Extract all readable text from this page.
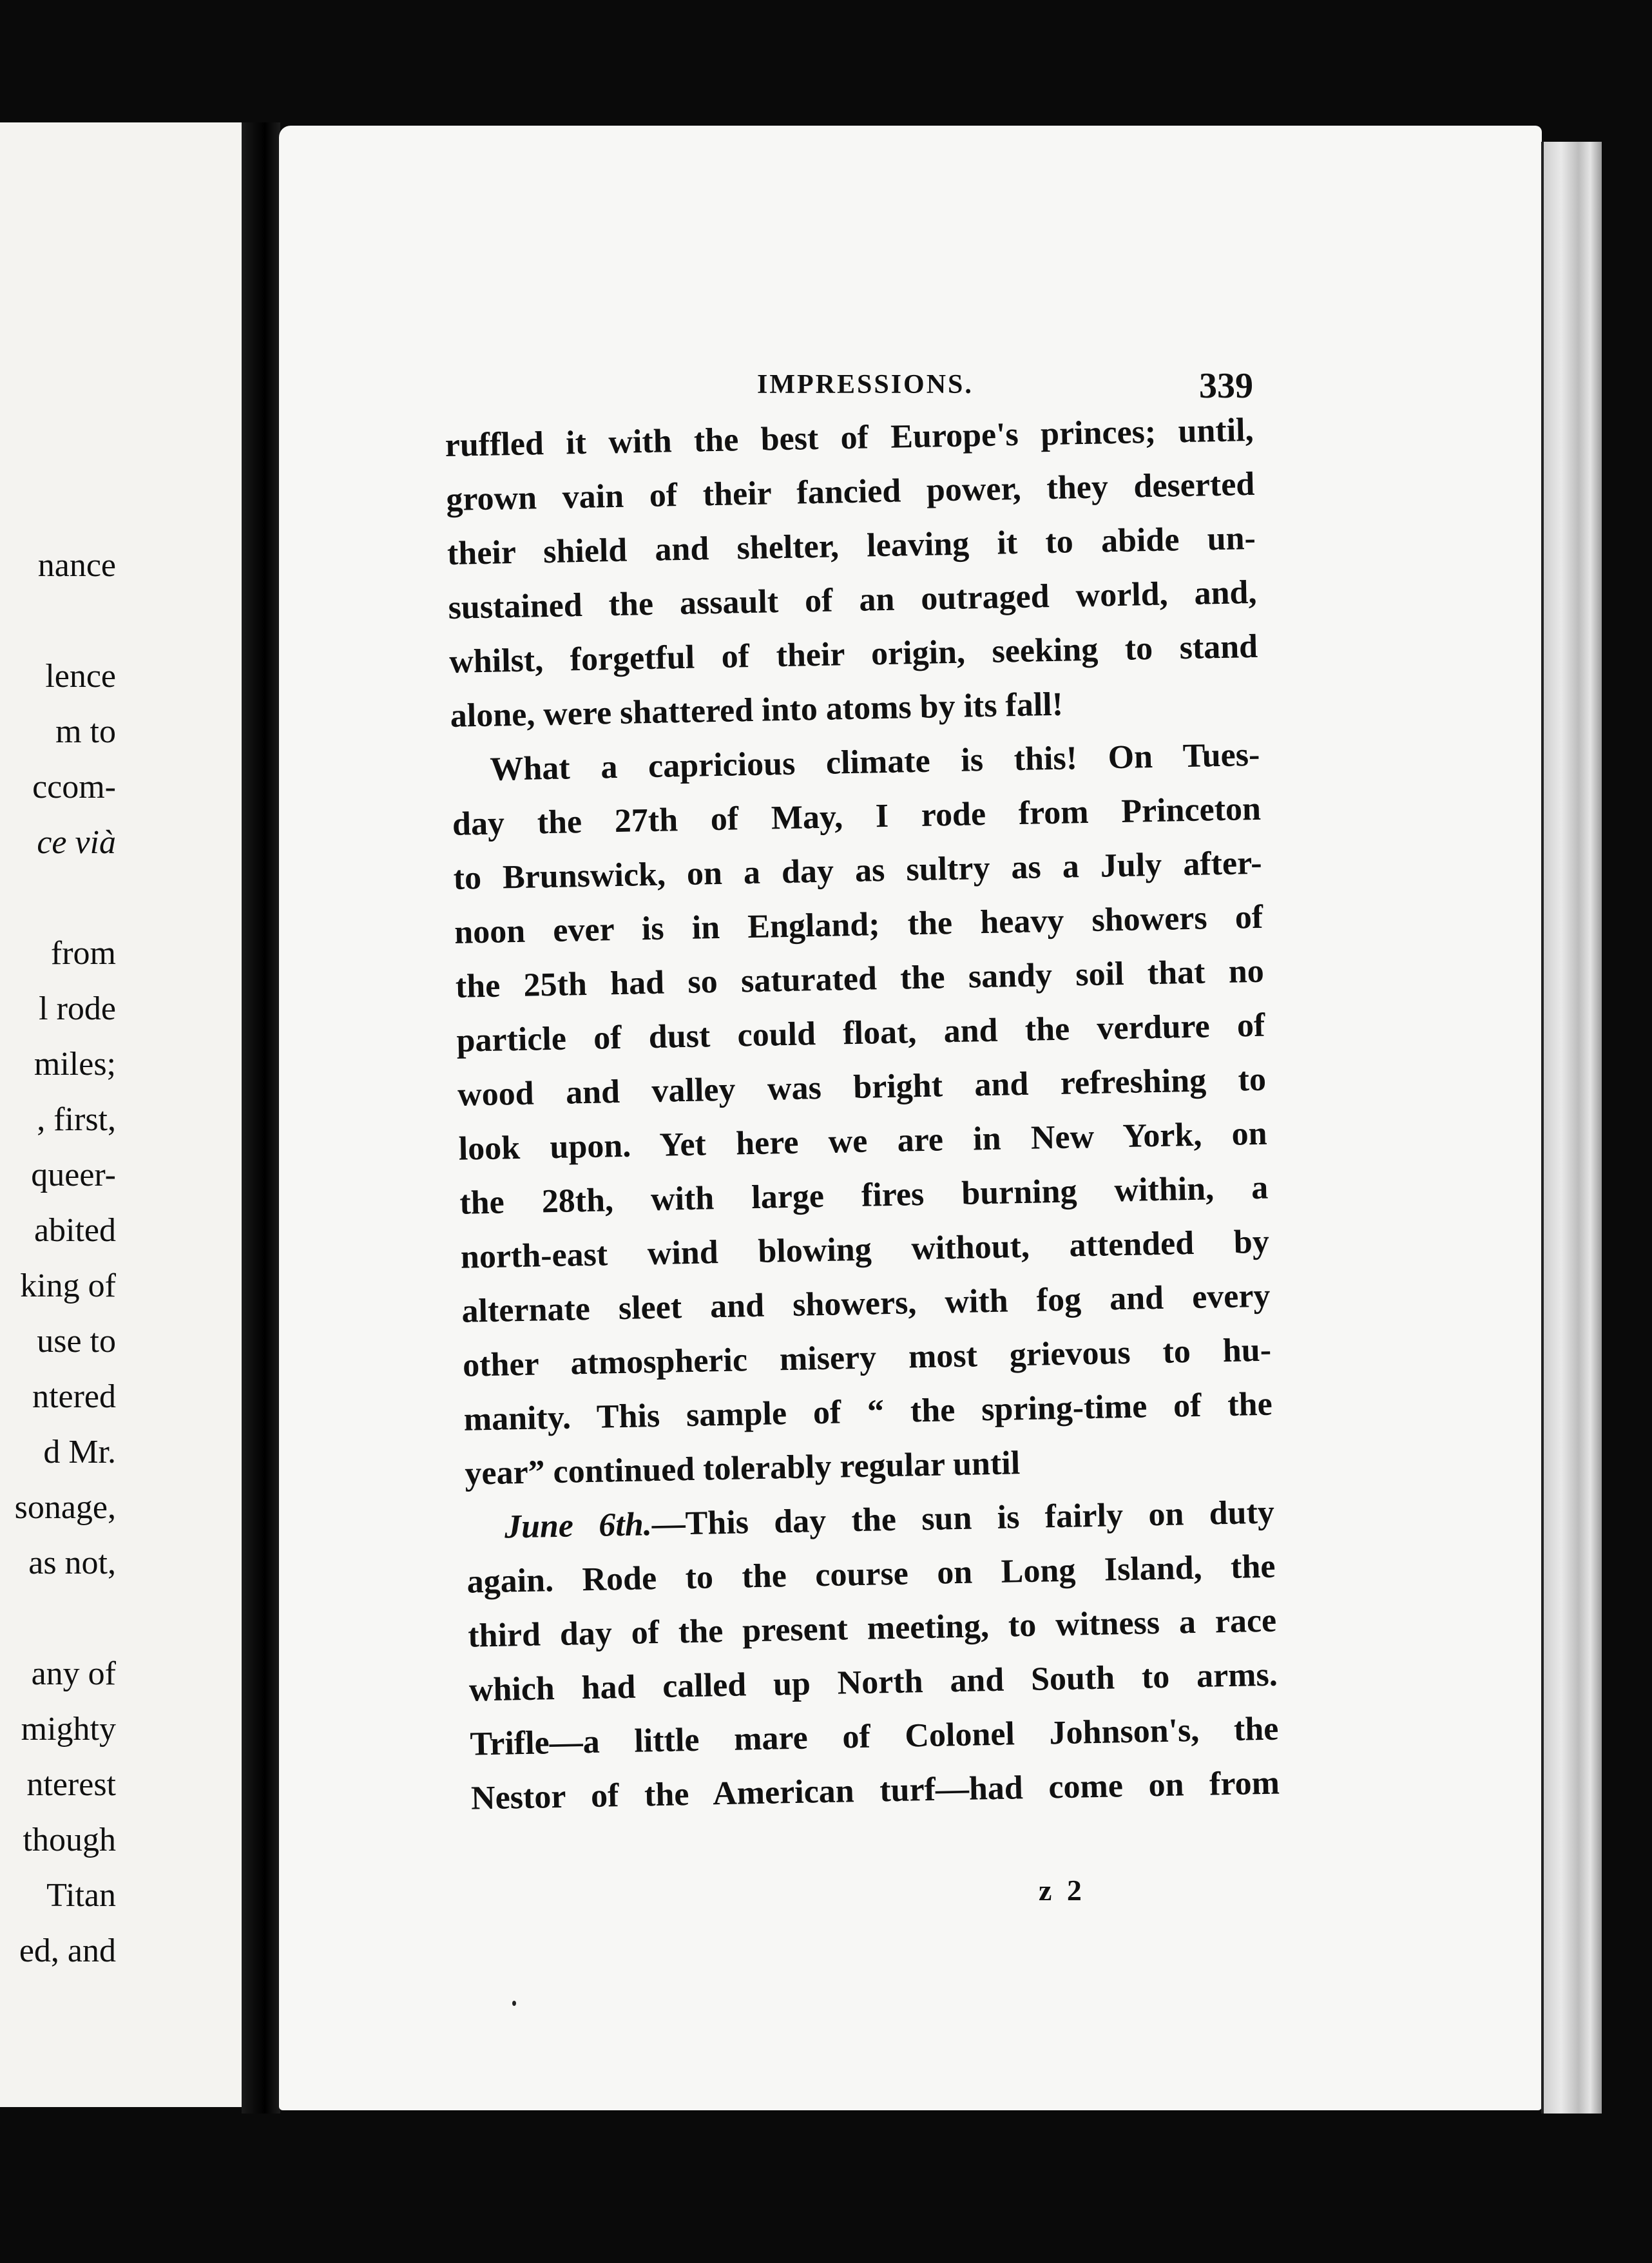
nance
lence
m to
ccom-
ce vià
from
l rode
miles;
, first,
queer-
abited
king of
use to
ntered
d Mr.
sonage,
as not,
any of
mighty
nterest
though
Titan
ed, and
IMPRESSIONS.	339
ruffled it with the best of Europe's princes; until,
grown vain of their fancied power, they deserted
their shield and shelter, leaving it to abide un-
sustained the assault of an outraged world, and,
whilst, forgetful of their origin, seeking to stand
alone, were shattered into atoms by its fall!
What a capricious climate is this! On Tues-
day the 27th of May, I rode from Princeton
to Brunswick, on a day as sultry as a July after-
noon ever is in England; the heavy showers of
the 25th had so saturated the sandy soil that no
particle of dust could float, and the verdure of
wood and valley was bright and refreshing to
look upon. Yet here we are in New York, on
the 28th, with large fires burning within, a
north-east wind blowing without, attended by
alternate sleet and showers, with fog and every
other atmospheric misery most grievous to hu-
manity. This sample of “ the spring-time of the
year” continued tolerably regular until
June 6th.—This day the sun is fairly on duty
again. Rode to the course on Long Island, the
third day of the present meeting, to witness a race
which had called up North and South to arms.
Trifle—a little mare of Colonel Johnson's, the
Nestor of the American turf—had come on from
z 2
